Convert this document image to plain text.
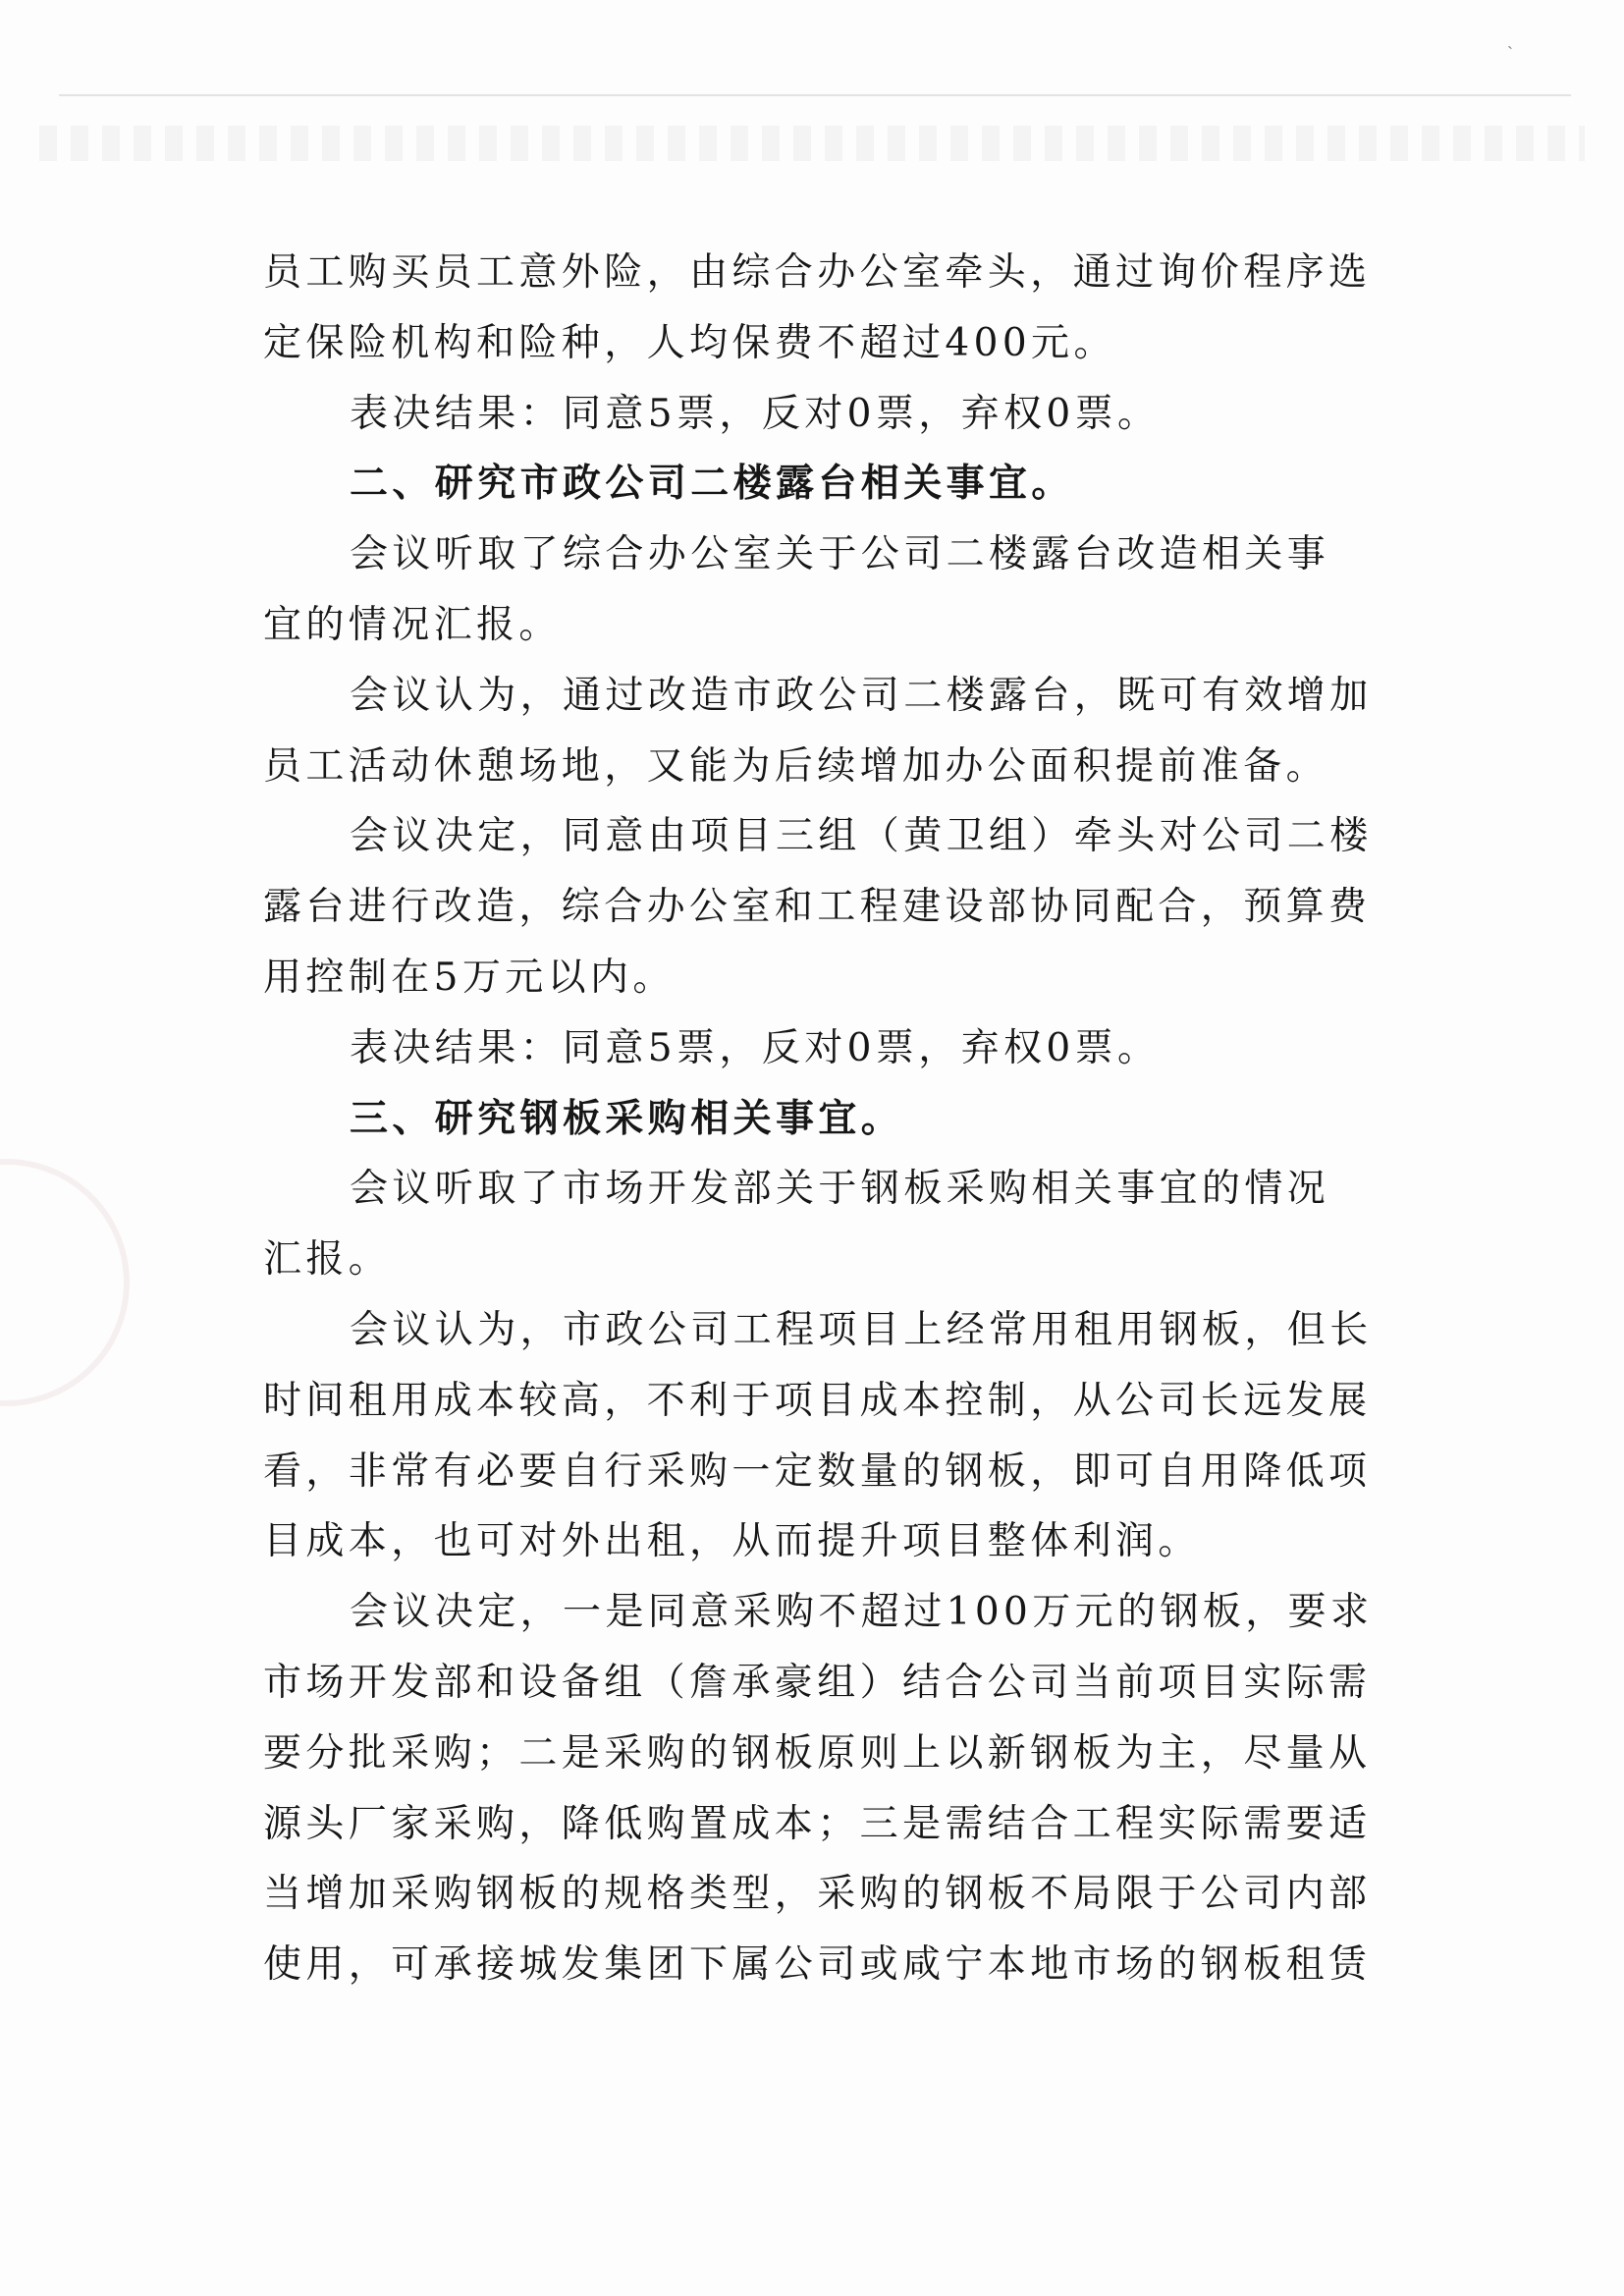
ˎ
员工购买员工意外险，由综合办公室牵头，通过询价程序选
定保险机构和险种，人均保费不超过400元。
表决结果：同意5票，反对0票，弃权0票。
二、研究市政公司二楼露台相关事宜。
会议听取了综合办公室关于公司二楼露台改造相关事
宜的情况汇报。
会议认为，通过改造市政公司二楼露台，既可有效增加
员工活动休憩场地，又能为后续增加办公面积提前准备。
会议决定，同意由项目三组（黄卫组）牵头对公司二楼
露台进行改造，综合办公室和工程建设部协同配合，预算费
用控制在5万元以内。
表决结果：同意5票，反对0票，弃权0票。
三、研究钢板采购相关事宜。
会议听取了市场开发部关于钢板采购相关事宜的情况
汇报。
会议认为，市政公司工程项目上经常用租用钢板，但长
时间租用成本较高，不利于项目成本控制，从公司长远发展
看，非常有必要自行采购一定数量的钢板，即可自用降低项
目成本，也可对外出租，从而提升项目整体利润。
会议决定，一是同意采购不超过100万元的钢板，要求
市场开发部和设备组（詹承豪组）结合公司当前项目实际需
要分批采购；二是采购的钢板原则上以新钢板为主，尽量从
源头厂家采购，降低购置成本；三是需结合工程实际需要适
当增加采购钢板的规格类型，采购的钢板不局限于公司内部
使用，可承接城发集团下属公司或咸宁本地市场的钢板租赁
